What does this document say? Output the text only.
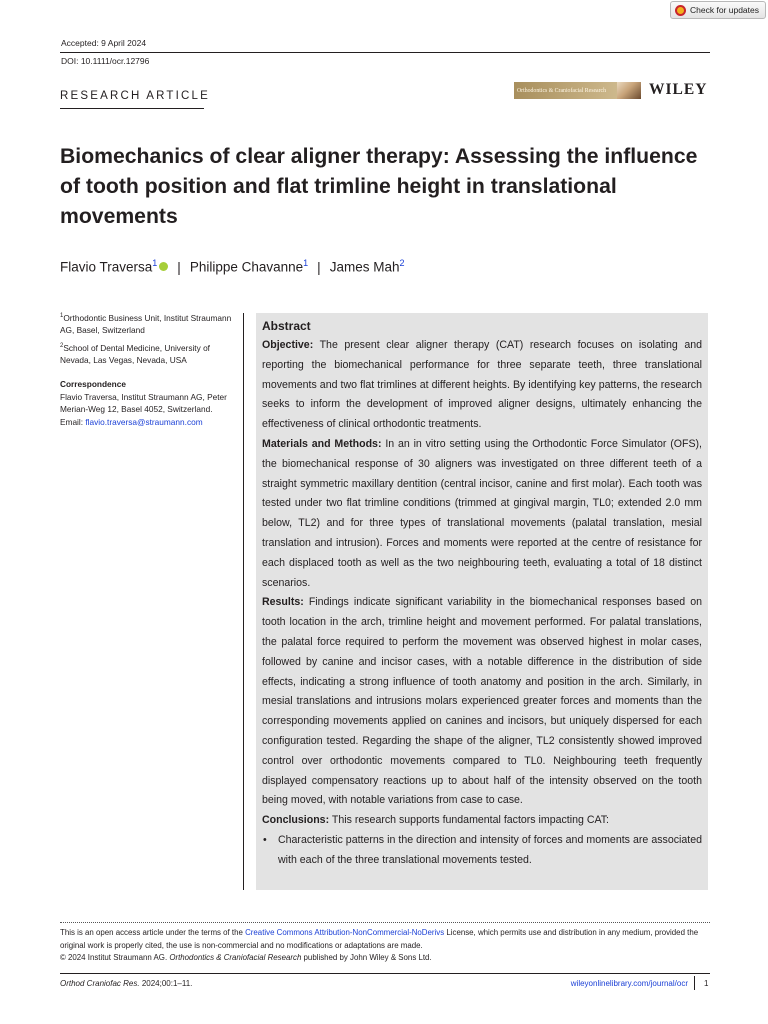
Check for updates
Accepted: 9 April 2024
DOI: 10.1111/ocr.12796
RESEARCH ARTICLE	Orthodontics & Craniofacial Research	WILEY
Biomechanics of clear aligner therapy: Assessing the influence of tooth position and flat trimline height in translational movements
Flavio Traversa$^1$ | Philippe Chavanne$^1$ | James Mah$^2$
$^1$Orthodontic Business Unit, Institut Straumann AG, Basel, Switzerland
$^2$School of Dental Medicine, University of Nevada, Las Vegas, Nevada, USA
Correspondence
Flavio Traversa, Institut Straumann AG, Peter Merian-Weg 12, Basel 4052, Switzerland.
Email: flavio.traversa@straumann.com

Abstract

Objective: The present clear aligner therapy (CAT) research focuses on isolating and reporting the biomechanical performance for three separate teeth, three translational movements and two flat trimlines at different heights. By identifying key patterns, the research seeks to inform the development of improved aligner designs, ultimately enhancing the effectiveness of clinical orthodontic treatments.

Materials and Methods: In an in vitro setting using the Orthodontic Force Simulator (OFS), the biomechanical response of 30 aligners was investigated on three different teeth of a straight symmetric maxillary dentition (central incisor, canine and first molar). Each tooth was tested under two flat trimline conditions (trimmed at gingival margin, TL0; extended 2.0 mm below, TL2) and for three types of translational movements (palatal translation, mesial translation and intrusion). Forces and moments were reported at the centre of resistance for each displaced tooth as well as the two neighbouring teeth, evaluating a total of 18 distinct scenarios.

Results: Findings indicate significant variability in the biomechanical responses based on tooth location in the arch, trimline height and movement performed. For palatal translations, the palatal force required to perform the movement was observed highest in molar cases, followed by canine and incisor cases, with a notable difference in the distribution of side effects, indicating a strong influence of tooth anatomy and position in the arch. Similarly, in mesial translations and intrusions molars experienced greater forces and moments than the corresponding movements applied on canines and incisors, but uniquely dispersed for each configuration tested. Regarding the shape of the aligner, TL2 consistently showed improved control over orthodontic movements compared to TL0. Neighbouring teeth frequently displayed compensatory reactions up to about half of the intensity observed on the tooth being moved, with notable variations from case to case.

Conclusions: This research supports fundamental factors impacting CAT:

• Characteristic patterns in the direction and intensity of forces and moments are associated with each of the three translational movements tested.

This is an open access article under the terms of the Creative Commons Attribution-NonCommercial-NoDerivs License, which permits use and distribution in any medium, provided the original work is properly cited, the use is non-commercial and no modifications or adaptations are made.
© 2024 Institut Straumann AG. Orthodontics & Craniofacial Research published by John Wiley & Sons Ltd.
Orthod Craniofac Res. 2024;00:1–11.	wileyonlinelibrary.com/journal/ocr 1
